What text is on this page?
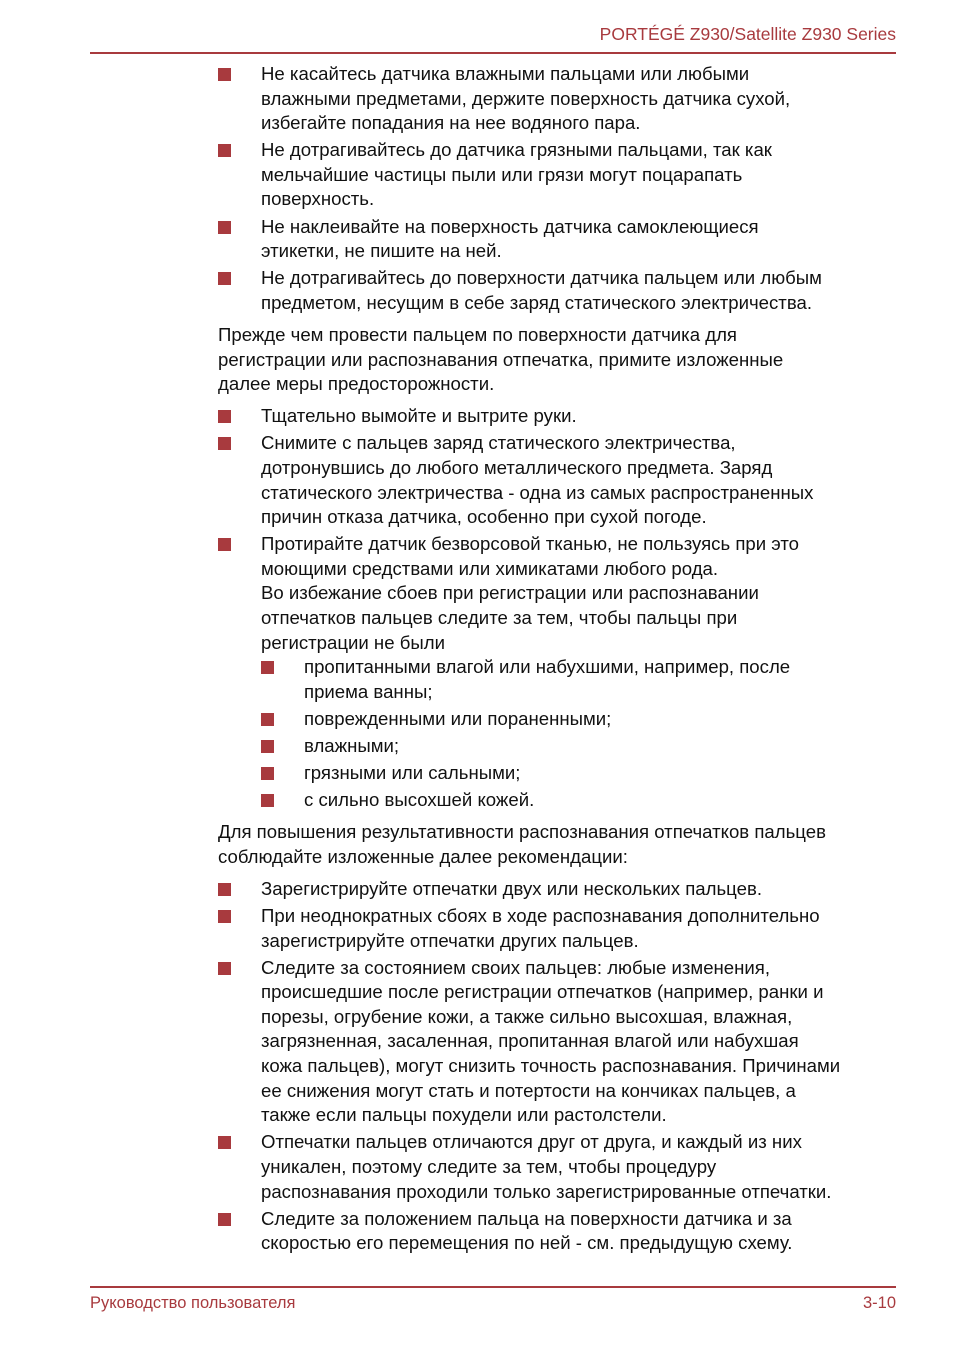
PORTÉGÉ Z930/Satellite Z930 Series
Не касайтесь датчика влажными пальцами или любыми
влажными предметами, держите поверхность датчика сухой,
избегайте попадания на нее водяного пара.
Не дотрагивайтесь до датчика грязными пальцами, так как
мельчайшие частицы пыли или грязи могут поцарапать
поверхность.
Не наклеивайте на поверхность датчика самоклеющиеся
этикетки, не пишите на ней.
Не дотрагивайтесь до поверхности датчика пальцем или любым
предметом, несущим в себе заряд статического электричества.
Прежде чем провести пальцем по поверхности датчика для
регистрации или распознавания отпечатка, примите изложенные
далее меры предосторожности.
Тщательно вымойте и вытрите руки.
Снимите с пальцев заряд статического электричества,
дотронувшись до любого металлического предмета. Заряд
статического электричества - одна из самых распространенных
причин отказа датчика, особенно при сухой погоде.
Протирайте датчик безворсовой тканью, не пользуясь при это
моющими средствами или химикатами любого рода.
Во избежание сбоев при регистрации или распознавании
отпечатков пальцев следите за тем, чтобы пальцы при
регистрации не были
пропитанными влагой или набухшими, например, после
приема ванны;
поврежденными или пораненными;
влажными;
грязными или сальными;
с сильно высохшей кожей.
Для повышения результативности распознавания отпечатков пальцев
соблюдайте изложенные далее рекомендации:
Зарегистрируйте отпечатки двух или нескольких пальцев.
При неоднократных сбоях в ходе распознавания дополнительно
зарегистрируйте отпечатки других пальцев.
Следите за состоянием своих пальцев: любые изменения,
происшедшие после регистрации отпечатков (например, ранки и
порезы, огрубение кожи, а также сильно высохшая, влажная,
загрязненная, засаленная, пропитанная влагой или набухшая
кожа пальцев), могут снизить точность распознавания. Причинами
ее снижения могут стать и потертости на кончиках пальцев, а
также если пальцы похудели или растолстели.
Отпечатки пальцев отличаются друг от друга, и каждый из них
уникален, поэтому следите за тем, чтобы процедуру
распознавания проходили только зарегистрированные отпечатки.
Следите за положением пальца на поверхности датчика и за
скоростью его перемещения по ней - см. предыдущую схему.
Руководство пользователя	3-10
